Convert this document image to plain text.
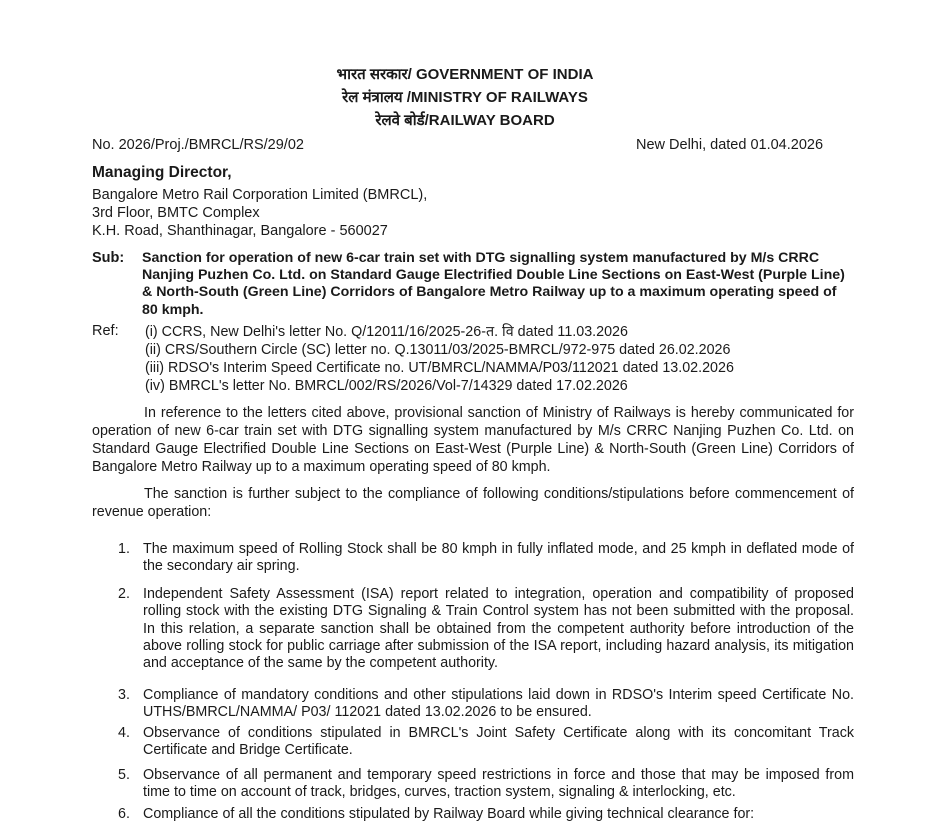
भारत सरकार/ GOVERNMENT OF INDIA
रेल मंत्रालय /MINISTRY OF RAILWAYS
रेलवे बोर्ड/RAILWAY BOARD
No. 2026/Proj./BMRCL/RS/29/02	New Delhi, dated 01.04.2026
Managing Director,
Bangalore Metro Rail Corporation Limited (BMRCL),
3rd Floor, BMTC Complex
K.H. Road, Shanthinagar, Bangalore - 560027
Sub: Sanction for operation of new 6-car train set with DTG signalling system manufactured by M/s CRRC Nanjing Puzhen Co. Ltd. on Standard Gauge Electrified Double Line Sections on East-West (Purple Line) & North-South (Green Line) Corridors of Bangalore Metro Railway up to a maximum operating speed of 80 kmph.
Ref: (i) CCRS, New Delhi's letter No. Q/12011/16/2025-26-त. वि dated 11.03.2026
(ii) CRS/Southern Circle (SC) letter no. Q.13011/03/2025-BMRCL/972-975 dated 26.02.2026
(iii) RDSO's Interim Speed Certificate no. UT/BMRCL/NAMMA/P03/112021 dated 13.02.2026
(iv) BMRCL's letter No. BMRCL/002/RS/2026/Vol-7/14329 dated 17.02.2026
In reference to the letters cited above, provisional sanction of Ministry of Railways is hereby communicated for operation of new 6-car train set with DTG signalling system manufactured by M/s CRRC Nanjing Puzhen Co. Ltd. on Standard Gauge Electrified Double Line Sections on East-West (Purple Line) & North-South (Green Line) Corridors of Bangalore Metro Railway up to a maximum operating speed of 80 kmph.
The sanction is further subject to the compliance of following conditions/stipulations before commencement of revenue operation:
1. The maximum speed of Rolling Stock shall be 80 kmph in fully inflated mode, and 25 kmph in deflated mode of the secondary air spring.
2. Independent Safety Assessment (ISA) report related to integration, operation and compatibility of proposed rolling stock with the existing DTG Signaling & Train Control system has not been submitted with the proposal. In this relation, a separate sanction shall be obtained from the competent authority before introduction of the above rolling stock for public carriage after submission of the ISA report, including hazard analysis, its mitigation and acceptance of the same by the competent authority.
3. Compliance of mandatory conditions and other stipulations laid down in RDSO's Interim speed Certificate No. UTHS/BMRCL/NAMMA/ P03/ 112021 dated 13.02.2026 to be ensured.
4. Observance of conditions stipulated in BMRCL's Joint Safety Certificate along with its concomitant Track Certificate and Bridge Certificate.
5. Observance of all permanent and temporary speed restrictions in force and those that may be imposed from time to time on account of track, bridges, curves, traction system, signaling & interlocking, etc.
6. Compliance of all the conditions stipulated by Railway Board while giving technical clearance for:
